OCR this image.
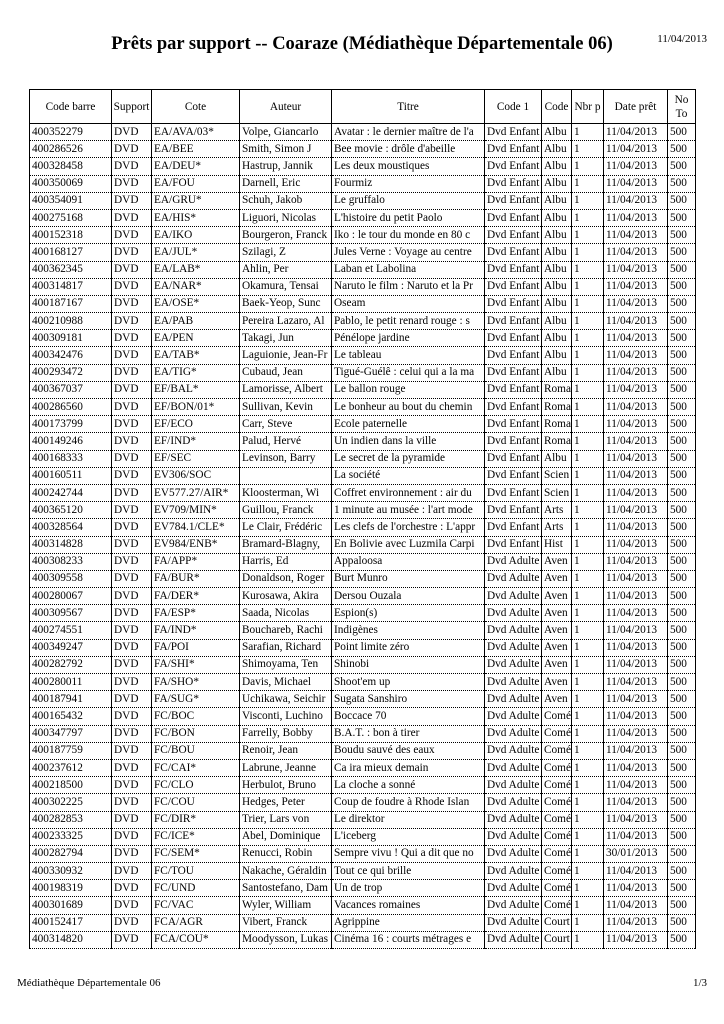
Prêts par support -- Coaraze (Médiathèque Départementale 06)	11/04/2013
Code barre	Support	Cote	Auteur	Titre	Code 1	Code	Nbr p	Date prêt	No To
400352279	DVD	EA/AVA/03*	Volpe, Giancarlo	Avatar : le dernier maître de l'a	Dvd Enfant	Albu	1	11/04/2013	500
400286526	DVD	EA/BEE	Smith, Simon J	Bee movie : drôle d'abeille	Dvd Enfant	Albu	1	11/04/2013	500
400328458	DVD	EA/DEU*	Hastrup, Jannik	Les deux moustiques	Dvd Enfant	Albu	1	11/04/2013	500
400350069	DVD	EA/FOU	Darnell, Eric	Fourmiz	Dvd Enfant	Albu	1	11/04/2013	500
400354091	DVD	EA/GRU*	Schuh, Jakob	Le gruffalo	Dvd Enfant	Albu	1	11/04/2013	500
400275168	DVD	EA/HIS*	Liguori, Nicolas	L'histoire du petit Paolo	Dvd Enfant	Albu	1	11/04/2013	500
400152318	DVD	EA/IKO	Bourgeron, Franck	Iko : le tour du monde en 80 c	Dvd Enfant	Albu	1	11/04/2013	500
400168127	DVD	EA/JUL*	Szilagi, Z	Jules Verne : Voyage au centre	Dvd Enfant	Albu	1	11/04/2013	500
400362345	DVD	EA/LAB*	Ahlin, Per	Laban et Labolina	Dvd Enfant	Albu	1	11/04/2013	500
400314817	DVD	EA/NAR*	Okamura, Tensai	Naruto le film : Naruto et la Pr	Dvd Enfant	Albu	1	11/04/2013	500
400187167	DVD	EA/OSE*	Baek-Yeop, Sunc	Oseam	Dvd Enfant	Albu	1	11/04/2013	500
400210988	DVD	EA/PAB	Pereira Lazaro, Al	Pablo, le petit renard rouge : s	Dvd Enfant	Albu	1	11/04/2013	500
400309181	DVD	EA/PEN	Takagi, Jun	Pénélope jardine	Dvd Enfant	Albu	1	11/04/2013	500
400342476	DVD	EA/TAB*	Laguionie, Jean-Fr	Le tableau	Dvd Enfant	Albu	1	11/04/2013	500
400293472	DVD	EA/TIG*	Cubaud, Jean	Tigué-Guélê : celui qui a la ma	Dvd Enfant	Albu	1	11/04/2013	500
400367037	DVD	EF/BAL*	Lamorisse, Albert	Le ballon rouge	Dvd Enfant	Roma	1	11/04/2013	500
400286560	DVD	EF/BON/01*	Sullivan, Kevin	Le bonheur au bout du chemin	Dvd Enfant	Roma	1	11/04/2013	500
400173799	DVD	EF/ECO	Carr, Steve	Ecole paternelle	Dvd Enfant	Roma	1	11/04/2013	500
400149246	DVD	EF/IND*	Palud, Hervé	Un indien dans la ville	Dvd Enfant	Roma	1	11/04/2013	500
400168333	DVD	EF/SEC	Levinson, Barry	Le secret de la pyramide	Dvd Enfant	Albu	1	11/04/2013	500
400160511	DVD	EV306/SOC		La société	Dvd Enfant	Scien	1	11/04/2013	500
400242744	DVD	EV577.27/AIR*	Kloosterman, Wi	Coffret environnement : air du	Dvd Enfant	Scien	1	11/04/2013	500
400365120	DVD	EV709/MIN*	Guillou, Franck	1 minute au musée : l'art mode	Dvd Enfant	Arts	1	11/04/2013	500
400328564	DVD	EV784.1/CLE*	Le Clair, Frédéric	Les clefs de l'orchestre : L'appr	Dvd Enfant	Arts	1	11/04/2013	500
400314828	DVD	EV984/ENB*	Bramard-Blagny,	En Bolivie avec Luzmila Carpi	Dvd Enfant	Hist	1	11/04/2013	500
400308233	DVD	FA/APP*	Harris, Ed	Appaloosa	Dvd Adulte	Aven	1	11/04/2013	500
400309558	DVD	FA/BUR*	Donaldson, Roger	Burt Munro	Dvd Adulte	Aven	1	11/04/2013	500
400280067	DVD	FA/DER*	Kurosawa, Akira	Dersou Ouzala	Dvd Adulte	Aven	1	11/04/2013	500
400309567	DVD	FA/ESP*	Saada, Nicolas	Espion(s)	Dvd Adulte	Aven	1	11/04/2013	500
400274551	DVD	FA/IND*	Bouchareb, Rachi	Indigènes	Dvd Adulte	Aven	1	11/04/2013	500
400349247	DVD	FA/POI	Sarafian, Richard	Point limite zéro	Dvd Adulte	Aven	1	11/04/2013	500
400282792	DVD	FA/SHI*	Shimoyama, Ten	Shinobi	Dvd Adulte	Aven	1	11/04/2013	500
400280011	DVD	FA/SHO*	Davis, Michael	Shoot'em up	Dvd Adulte	Aven	1	11/04/2013	500
400187941	DVD	FA/SUG*	Uchikawa, Seichir	Sugata Sanshiro	Dvd Adulte	Aven	1	11/04/2013	500
400165432	DVD	FC/BOC	Visconti, Luchino	Boccace 70	Dvd Adulte	Comé	1	11/04/2013	500
400347797	DVD	FC/BON	Farrelly, Bobby	B.A.T. : bon à tirer	Dvd Adulte	Comé	1	11/04/2013	500
400187759	DVD	FC/BOU	Renoir, Jean	Boudu sauvé des eaux	Dvd Adulte	Comé	1	11/04/2013	500
400237612	DVD	FC/CAI*	Labrune, Jeanne	Ca ira mieux demain	Dvd Adulte	Comé	1	11/04/2013	500
400218500	DVD	FC/CLO	Herbulot, Bruno	La cloche a sonné	Dvd Adulte	Comé	1	11/04/2013	500
400302225	DVD	FC/COU	Hedges, Peter	Coup de foudre à Rhode Islan	Dvd Adulte	Comé	1	11/04/2013	500
400282853	DVD	FC/DIR*	Trier, Lars von	Le direktor	Dvd Adulte	Comé	1	11/04/2013	500
400233325	DVD	FC/ICE*	Abel, Dominique	L'iceberg	Dvd Adulte	Comé	1	11/04/2013	500
400282794	DVD	FC/SEM*	Renucci, Robin	Sempre vivu ! Qui a dit que no	Dvd Adulte	Comé	1	30/01/2013	500
400330932	DVD	FC/TOU	Nakache, Géraldin	Tout ce qui brille	Dvd Adulte	Comé	1	11/04/2013	500
400198319	DVD	FC/UND	Santostefano, Dam	Un de trop	Dvd Adulte	Comé	1	11/04/2013	500
400301689	DVD	FC/VAC	Wyler, William	Vacances romaines	Dvd Adulte	Comé	1	11/04/2013	500
400152417	DVD	FCA/AGR	Vibert, Franck	Agrippine	Dvd Adulte	Court	1	11/04/2013	500
400314820	DVD	FCA/COU*	Moodysson, Lukas	Cinéma 16 : courts métrages e	Dvd Adulte	Court	1	11/04/2013	500
Médiathèque Départementale 06	1/3
